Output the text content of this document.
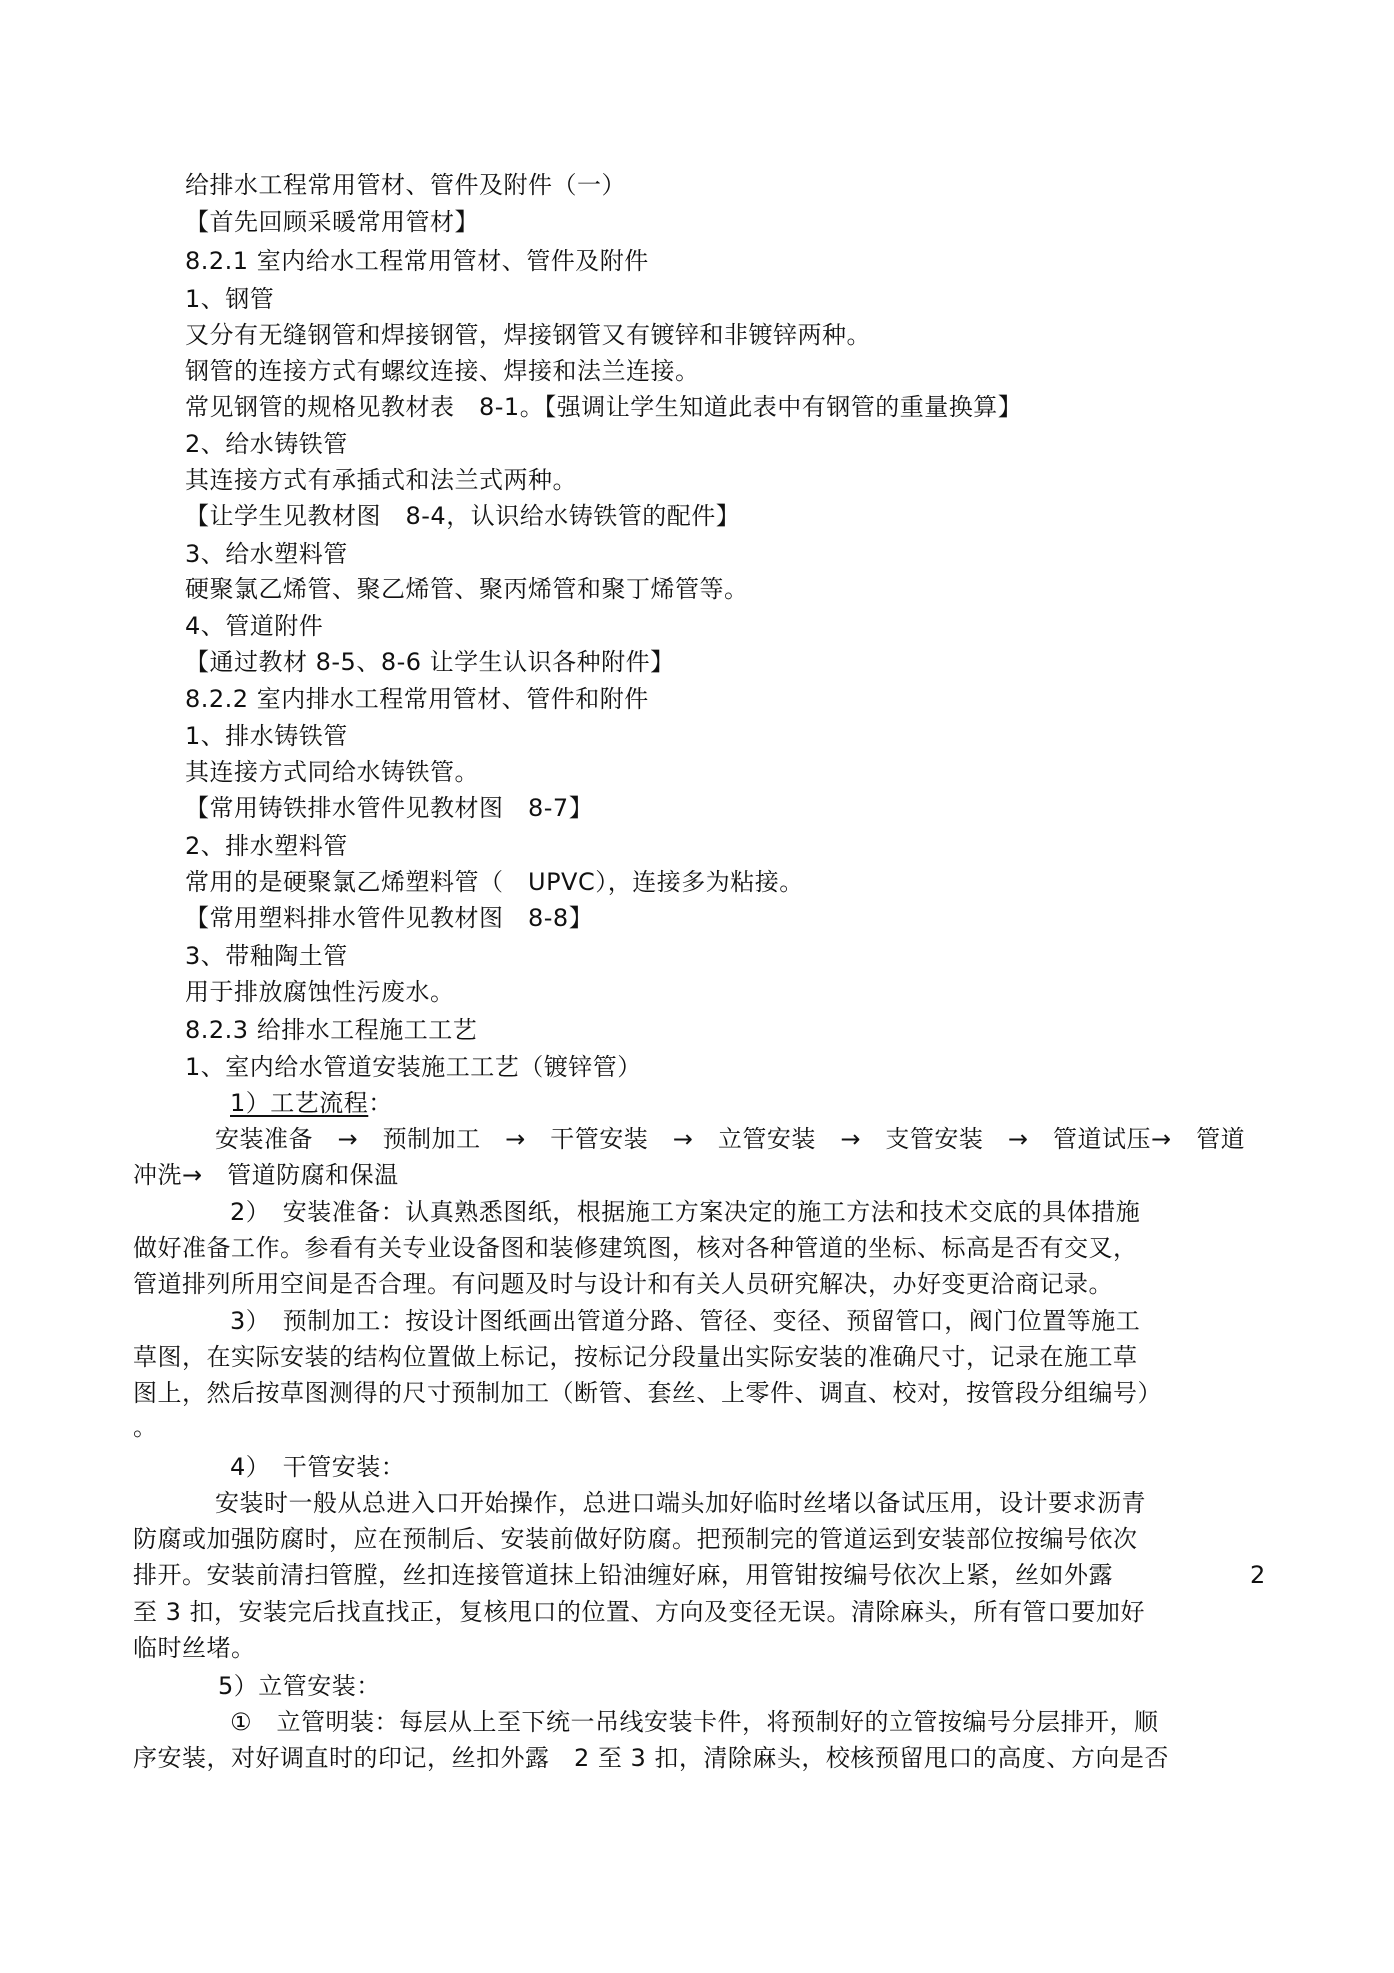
给排水工程常用管材、管件及附件（一）
【首先回顾采暖常用管材】
8.2.1 室内给水工程常用管材、管件及附件
1、钢管
又分有无缝钢管和焊接钢管，焊接钢管又有镀锌和非镀锌两种。
钢管的连接方式有螺纹连接、焊接和法兰连接。
常见钢管的规格见教材表　8-1。【强调让学生知道此表中有钢管的重量换算】
2、给水铸铁管
其连接方式有承插式和法兰式两种。
【让学生见教材图　8-4，认识给水铸铁管的配件】
3、给水塑料管
硬聚氯乙烯管、聚乙烯管、聚丙烯管和聚丁烯管等。
4、管道附件
【通过教材 8-5、8-6 让学生认识各种附件】
8.2.2 室内排水工程常用管材、管件和附件
1、排水铸铁管
其连接方式同给水铸铁管。
【常用铸铁排水管件见教材图　8-7】
2、排水塑料管
常用的是硬聚氯乙烯塑料管（　UPVC），连接多为粘接。
【常用塑料排水管件见教材图　8-8】
3、带釉陶土管
用于排放腐蚀性污废水。
8.2.3 给排水工程施工工艺
1、室内给水管道安装施工工艺（镀锌管）
1）工艺流程：
安装准备　→　预制加工　→　干管安装　→　立管安装　→　支管安装　→　管道试压→　管道
冲洗→　管道防腐和保温
2）　安装准备：认真熟悉图纸，根据施工方案决定的施工方法和技术交底的具体措施
做好准备工作。参看有关专业设备图和装修建筑图，核对各种管道的坐标、标高是否有交叉，
管道排列所用空间是否合理。有问题及时与设计和有关人员研究解决，办好变更洽商记录。
3）　预制加工：按设计图纸画出管道分路、管径、变径、预留管口，阀门位置等施工
草图，在实际安装的结构位置做上标记，按标记分段量出实际安装的准确尺寸，记录在施工草
图上，然后按草图测得的尺寸预制加工（断管、套丝、上零件、调直、校对，按管段分组编号）
。
4）　干管安装：
安装时一般从总进入口开始操作，总进口端头加好临时丝堵以备试压用，设计要求沥青
防腐或加强防腐时，应在预制后、安装前做好防腐。把预制完的管道运到安装部位按编号依次
排开。安装前清扫管膛，丝扣连接管道抹上铅油缠好麻，用管钳按编号依次上紧，丝如外露	2
至 3 扣，安装完后找直找正，复核甩口的位置、方向及变径无误。清除麻头，所有管口要加好
临时丝堵。
5）立管安装：
①　立管明装：每层从上至下统一吊线安装卡件，将预制好的立管按编号分层排开，顺
序安装，对好调直时的印记，丝扣外露　2 至 3 扣，清除麻头，校核预留甩口的高度、方向是否
